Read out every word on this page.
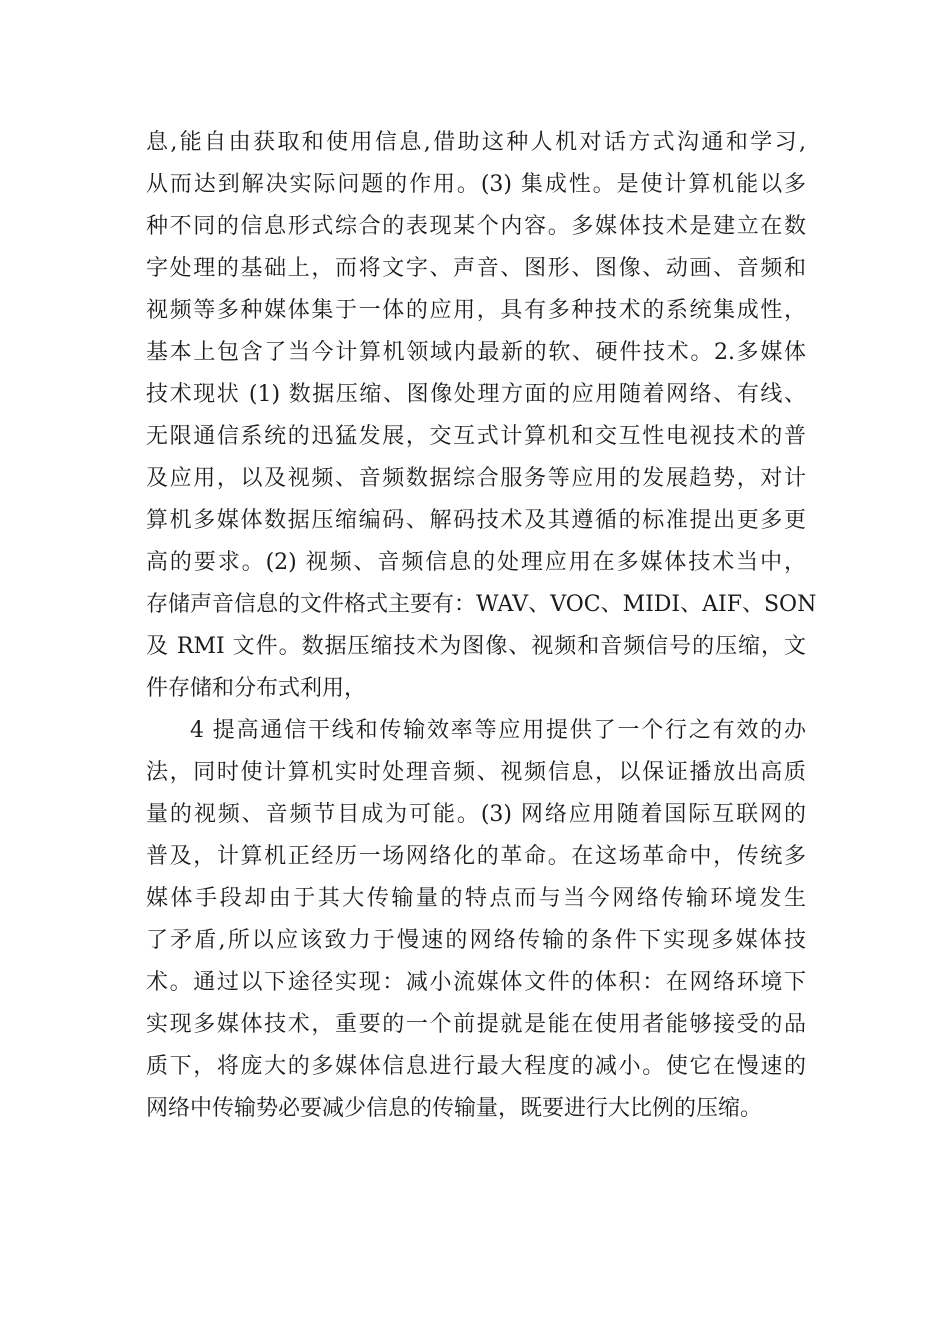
息,能自由获取和使用信息,借助这种人机对话方式沟通和学习,
从而达到解决实际问题的作用。(3) 集成性。是使计算机能以多
种不同的信息形式综合的表现某个内容。多媒体技术是建立在数
字处理的基础上，而将文字、声音、图形、图像、动画、音频和
视频等多种媒体集于一体的应用，具有多种技术的系统集成性，
基本上包含了当今计算机领域内最新的软、硬件技术。2.多媒体
技术现状 (1) 数据压缩、图像处理方面的应用随着网络、有线、
无限通信系统的迅猛发展，交互式计算机和交互性电视技术的普
及应用，以及视频、音频数据综合服务等应用的发展趋势，对计
算机多媒体数据压缩编码、解码技术及其遵循的标准提出更多更
高的要求。(2) 视频、音频信息的处理应用在多媒体技术当中，
存储声音信息的文件格式主要有：WAV、VOC、MIDI、AIF、SON
及 RMI 文件。数据压缩技术为图像、视频和音频信号的压缩，文
件存储和分布式利用，
4 提高通信干线和传输效率等应用提供了一个行之有效的办
法，同时使计算机实时处理音频、视频信息，以保证播放出高质
量的视频、音频节目成为可能。(3) 网络应用随着国际互联网的
普及，计算机正经历一场网络化的革命。在这场革命中，传统多
媒体手段却由于其大传输量的特点而与当今网络传输环境发生
了矛盾,所以应该致力于慢速的网络传输的条件下实现多媒体技
术。通过以下途径实现：减小流媒体文件的体积：在网络环境下
实现多媒体技术，重要的一个前提就是能在使用者能够接受的品
质下，将庞大的多媒体信息进行最大程度的减小。使它在慢速的
网络中传输势必要减少信息的传输量，既要进行大比例的压缩。
